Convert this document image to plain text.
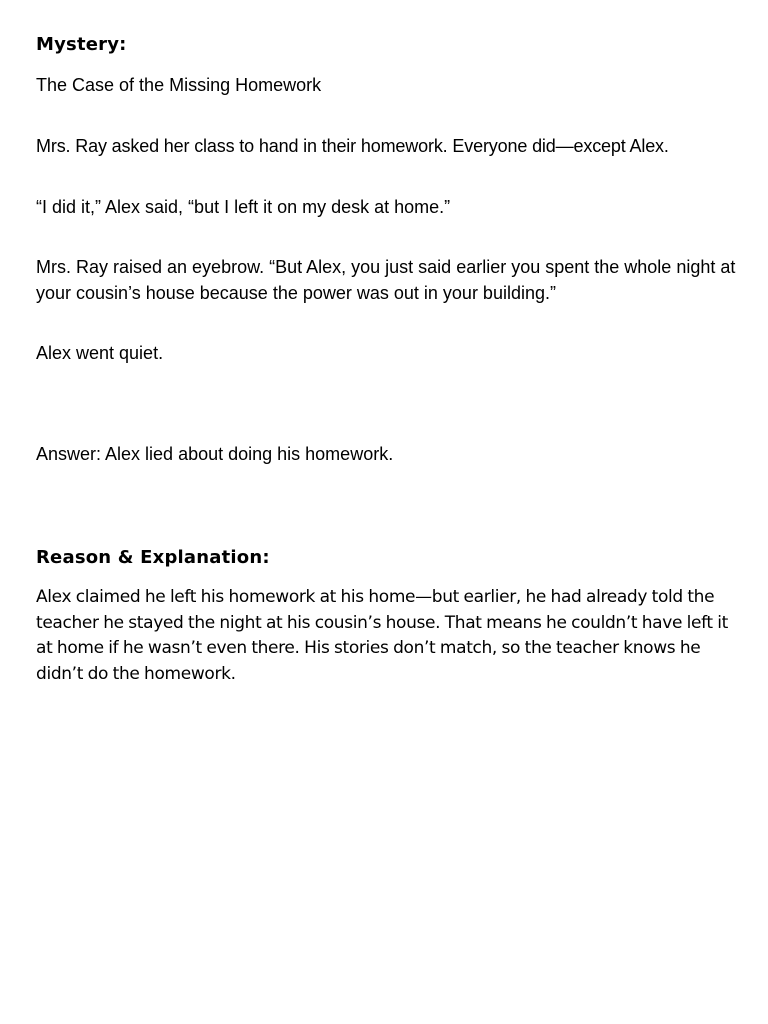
Mystery:

The Case of the Missing Homework

Mrs. Ray asked her class to hand in their homework. Everyone did—except Alex.

“I did it,” Alex said, “but I left it on my desk at home.”

Mrs. Ray raised an eyebrow. “But Alex, you just said earlier you spent the whole night at your cousin’s house because the power was out in your building.”

Alex went quiet.

Answer: Alex lied about doing his homework.

Reason & Explanation:

Alex claimed he left his homework at his home—but earlier, he had already told the teacher he stayed the night at his cousin’s house. That means he couldn’t have left it at home if he wasn’t even there. His stories don’t match, so the teacher knows he didn’t do the homework.
